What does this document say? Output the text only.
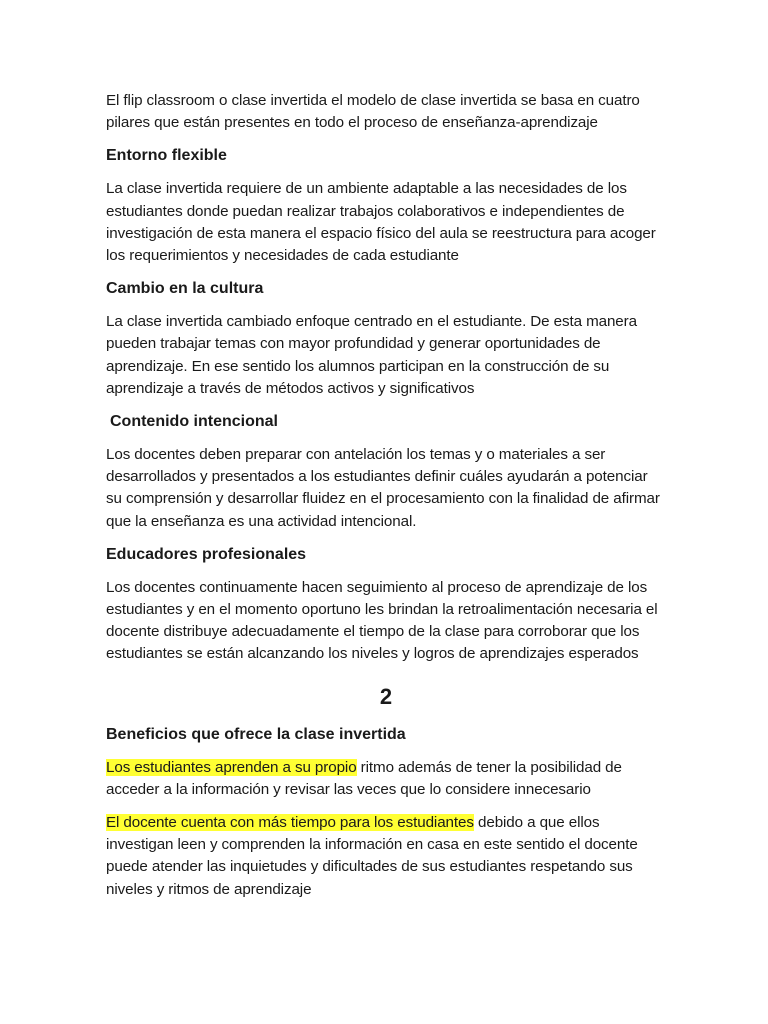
El flip classroom o clase invertida el modelo de clase invertida se basa en cuatro pilares que están presentes en todo el proceso de enseñanza-aprendizaje

Entorno flexible

La clase invertida requiere de un ambiente adaptable a las necesidades de los estudiantes donde puedan realizar trabajos colaborativos e independientes de investigación de esta manera el espacio físico del aula se reestructura para acoger los requerimientos y necesidades de cada estudiante

Cambio en la cultura

La clase invertida cambiado enfoque centrado en el estudiante. De esta manera pueden trabajar temas con mayor profundidad y generar oportunidades de aprendizaje. En ese sentido los alumnos participan en la construcción de su aprendizaje a través de métodos activos y significativos

Contenido intencional

Los docentes deben preparar con antelación los temas y o materiales a ser desarrollados y presentados a los estudiantes definir cuáles ayudarán a potenciar su comprensión y desarrollar fluidez en el procesamiento con la finalidad de afirmar que la enseñanza es una actividad intencional.

Educadores profesionales

Los docentes continuamente hacen seguimiento al proceso de aprendizaje de los estudiantes y en el momento oportuno les brindan la retroalimentación necesaria el docente distribuye adecuadamente el tiempo de la clase para corroborar que los estudiantes se están alcanzando los niveles y logros de aprendizajes esperados

2
Beneficios que ofrece la clase invertida

Los estudiantes aprenden a su propio ritmo además de tener la posibilidad de acceder a la información y revisar las veces que lo considere innecesario

El docente cuenta con más tiempo para los estudiantes debido a que ellos investigan leen y comprenden la información en casa en este sentido el docente puede atender las inquietudes y dificultades de sus estudiantes respetando sus niveles y ritmos de aprendizaje
